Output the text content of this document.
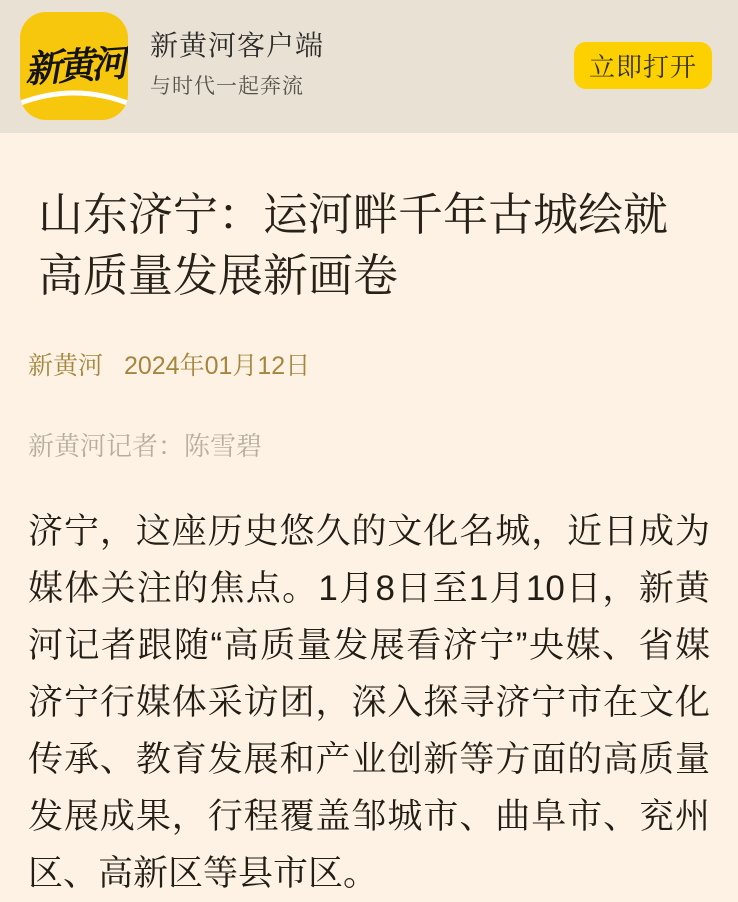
新黄河 新黄河客户端
与时代一起奔流
立即打开
山东济宁：运河畔千年古城绘就高质量发展新画卷
新黄河 2024年01月12日
新黄河记者：陈雪碧

济宁，这座历史悠久的文化名城，近日成为媒体关注的焦点。1月8日至1月10日，新黄河记者跟随“高质量发展看济宁”央媒、省媒济宁行媒体采访团，深入探寻济宁市在文化传承、教育发展和产业创新等方面的高质量发展成果，行程覆盖邹城市、曲阜市、兖州区、高新区等县市区。
